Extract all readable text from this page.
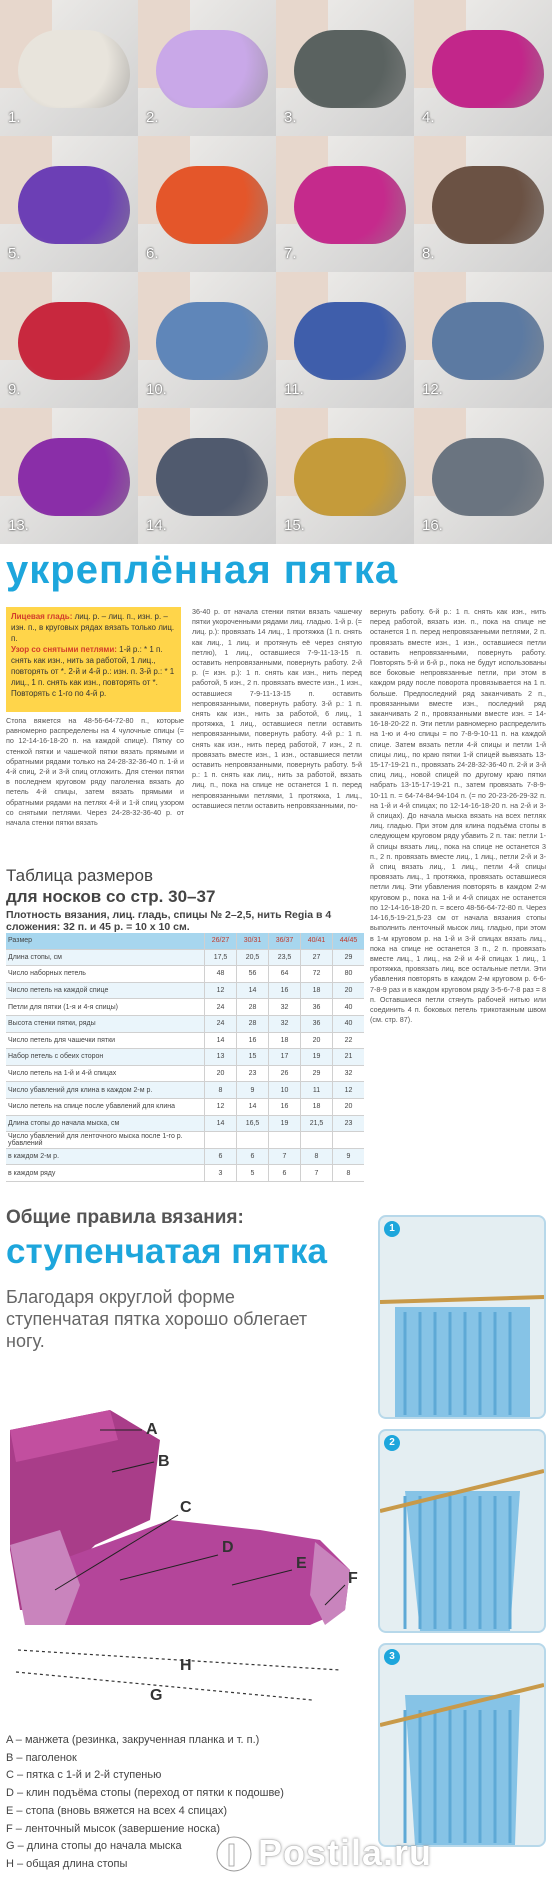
1.	2.	3.	4.
5.	6.	7.	8.
9.	10.	11.	12.
13.	14.	15.	16.
укреплённая пятка
Лицевая гладь: лиц. р. – лиц. п., изн. р. – изн. п., в круговых рядах вязать только лиц. п.
Узор со снятыми петлями: 1-й р.: * 1 п. снять как изн., нить за работой, 1 лиц., повторять от *. 2-й и 4-й р.: изн. п. 3-й р.: * 1 лиц., 1 п. снять как изн., повторять от *. Повторять с 1-го по 4-й р.
Стопа вяжется на 48-56-64-72-80 п., которые равномерно распределены на 4 чулочные спицы (= по 12-14-16-18-20 п. на каждой спице). Пятку со стенкой пятки и чашечкой пятки вязать прямыми и обратными рядами только на 24-28-32-36-40 п. 1-й и 4-й спиц, 2-й и 3-й спиц отложить. Для стенки пятки в последнем круговом ряду паголенка вязать до петель 4-й спицы, затем вязать прямыми и обратными рядами на петлях 4-й и 1-й спиц узором со снятыми петлями. Через 24-28-32-36-40 р. от начала стенки пятки вязать
36-40 р. от начала стенки пятки вязать чашечку пятки укороченными рядами лиц. гладью. 1-й р. (= лиц. р.): провязать 14 лиц., 1 протяжка (1 п. снять как лиц., 1 лиц. и протянуть её через снятую петлю), 1 лиц., оставшиеся 7-9-11-13-15 п. оставить непровязанными, повернуть работу. 2-й р. (= изн. р.): 1 п. снять как изн., нить перед работой, 5 изн., 2 п. провязать вместе изн., 1 изн., оставшиеся 7-9-11-13-15 п. оставить непровязанными, повернуть работу. 3-й р.: 1 п. снять как изн., нить за работой, 6 лиц., 1 протяжка, 1 лиц., оставшиеся петли оставить непровязанными, повернуть работу. 4-й р.: 1 п. снять как изн., нить перед работой, 7 изн., 2 п. провязать вместе изн., 1 изн., оставшиеся петли оставить непровязанными, повернуть работу. 5-й р.: 1 п. снять как лиц., нить за работой, вязать лиц. п., пока на спице не останется 1 п. перед непровязанными петлями, 1 протяжка, 1 лиц., оставшиеся петли оставить непровязанными, по-
вернуть работу. 6-й р.: 1 п. снять как изн., нить перед работой, вязать изн. п., пока на спице не останется 1 п. перед непровязанными петлями, 2 п. провязать вместе изн., 1 изн., оставшиеся петли оставить непровязанными, повернуть работу. Повторять 5-й и 6-й р., пока не будут использованы все боковые непровязанные петли, при этом в каждом ряду после поворота провязывается на 1 п. больше. Предпоследний ряд заканчивать 2 п., провязанными вместе изн., последний ряд заканчивать 2 п., провязанными вместе изн. = 14-16-18-20-22 п. Эти петли равномерно распределить на 1-ю и 4-ю спицы = по 7-8-9-10-11 п. на каждой спице. Затем вязать петли 4-й спицы и петли 1-й спицы лиц., по краю пятки 1-й спицей вывязать 13-15-17-19-21 п., провязать 24-28-32-36-40 п. 2-й и 3-й спиц лиц., новой спицей по другому краю пятки набрать 13-15-17-19-21 п., затем провязать 7-8-9-10-11 п. = 64-74-84-94-104 п. (= по 20-23-26-29-32 п. на 1-й и 4-й спицах; по 12-14-16-18-20 п. на 2-й и 3-й спицах). До начала мыска вязать на всех петлях лиц. гладью. При этом для клина подъёма стопы в следующем круговом ряду убавить 2 п. так: петли 1-й спицы вязать лиц., пока на спице не останется 3 п., 2 п. провязать вместе лиц., 1 лиц., петли 2-й и 3-й спиц вязать лиц., 1 лиц., петли 4-й спицы провязать лиц., 1 протяжка, провязать оставшиеся петли лиц. Эти убавления повторять в каждом 2-м круговом р., пока на 1-й и 4-й спицах не останется по 12-14-16-18-20 п. = всего 48-56-64-72-80 п. Через 14-16,5-19-21,5-23 см от начала вязания стопы выполнить ленточный мысок лиц. гладью, при этом в 1-м круговом р. на 1-й и 3-й спицах вязать лиц., пока на спице не останется 3 п., 2 п. провязать вместе лиц., 1 лиц., на 2-й и 4-й спицах 1 лиц., 1 протяжка, провязать лиц. все остальные петли. Эти убавления повторять в каждом 2-м круговом р. 6-6-7-8-9 раз и в каждом круговом ряду 3-5-6-7-8 раз = 8 п. Оставшиеся петли стянуть рабочей нитью или соединить 4 п. боковых петель трикотажным швом (см. стр. 87).
Таблица размеров
для носков со стр. 30–37
Плотность вязания, лиц. гладь, спицы № 2–2,5, нить Regia в 4 сложения: 32 п. и 45 р. = 10 х 10 см.
Размер	26/27	30/31	36/37	40/41	44/45
Длина стопы, см	17,5	20,5	23,5	27	29
Число наборных петель	48	56	64	72	80
Число петель на каждой спице	12	14	16	18	20
Петли для пятки (1-я и 4-я спицы)	24	28	32	36	40
Высота стенки пятки, ряды	24	28	32	36	40
Число петель для чашечки пятки	14	16	18	20	22
Набор петель с обеих сторон	13	15	17	19	21
Число петель на 1-й и 4-й спицах	20	23	26	29	32
Число убавлений для клина в каждом 2-м р.	8	9	10	11	12
Число петель на спице после убавлений для клина	12	14	16	18	20
Длина стопы до начала мыска, см	14	16,5	19	21,5	23
Число убавлений для ленточного мыска после 1-го р. убавлений					
в каждом 2-м р.	6	6	7	8	9
в каждом ряду	3	5	6	7	8
Общие правила вязания:
ступенчатая пятка
Благодаря округлой форме ступенчатая пятка хорошо облегает ногу.
A
B
C
D
E
F
H
G
A – манжета (резинка, закрученная планка и т. п.)
B – паголенок
C – пятка с 1-й и 2-й ступенью
D – клин подъёма стопы (переход от пятки к подошве)
E – стопа (вновь вяжется на всех 4 спицах)
F – ленточный мысок (завершение носка)
G – длина стопы до начала мыска
H – общая длина стопы
1
2
3
Postila.ru
